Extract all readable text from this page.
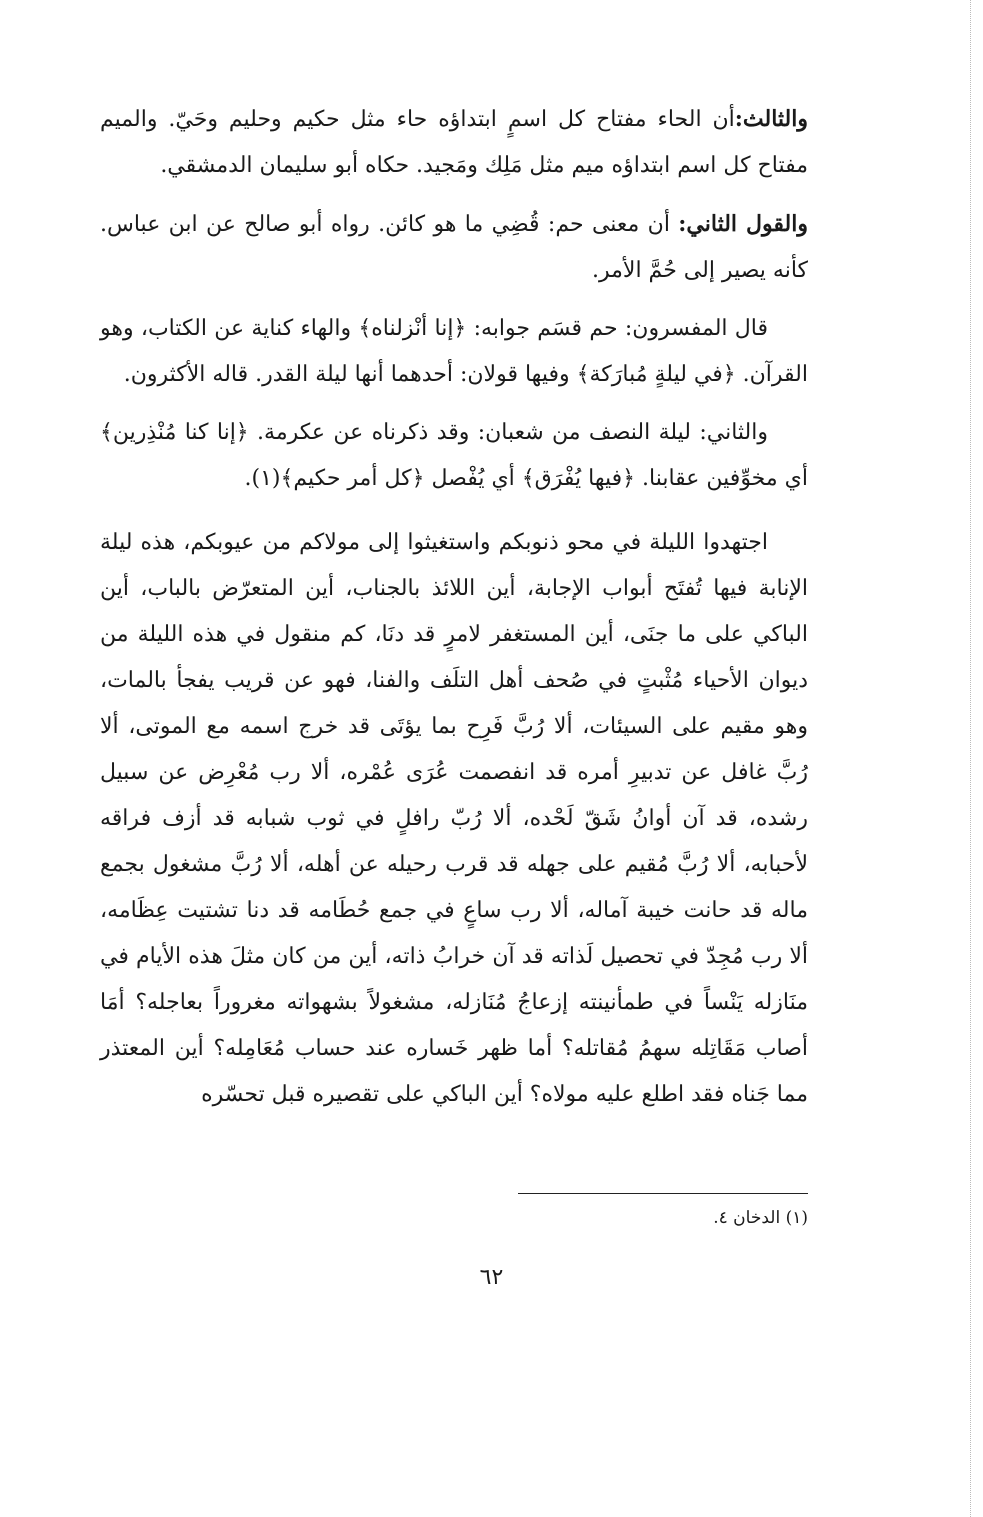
والثالث:أن الحاء مفتاح كل اسمٍ ابتداؤه حاء مثل حكيم وحليم وحَيّ. والميم مفتاح كل اسم ابتداؤه ميم مثل مَلِك ومَجيد. حكاه أبو سليمان الدمشقي.

والقول الثاني: أن معنى حم: قُضِي ما هو كائن. رواه أبو صالح عن ابن عباس. كأنه يصير إلى حُمَّ الأمر.

قال المفسرون: حم قسَم جوابه: ﴿إنا أنْزلناه﴾ والهاء كناية عن الكتاب، وهو القرآن. ﴿في ليلةٍ مُبارَكة﴾ وفيها قولان: أحدهما أنها ليلة القدر. قاله الأكثرون.

والثاني: ليلة النصف من شعبان: وقد ذكرناه عن عكرمة. ﴿إنا كنا مُنْذِرين﴾ أي مخوِّفين عقابنا. ﴿فيها يُفْرَق﴾ أي يُفْصل ﴿كل أمر حكيم﴾(١).

اجتهدوا الليلة في محو ذنوبكم واستغيثوا إلى مولاكم من عيوبكم، هذه ليلة الإنابة فيها تُفتَح أبواب الإجابة، أين اللائذ بالجناب، أين المتعرّض بالباب، أين الباكي على ما جنَى، أين المستغفر لامرٍ قد دنَا، كم منقول في هذه الليلة من ديوان الأحياء مُثْبتٍ في صُحف أهل التلَف والفنا، فهو عن قريب يفجأ بالمات، وهو مقيم على السيئات، ألا رُبَّ فَرِح بما يؤتَى قد خرج اسمه مع الموتى، ألا رُبَّ غافل عن تدبيرِ أمره قد انفصمت عُرَى عُمْره، ألا رب مُعْرِض عن سبيل رشده، قد آن أوانُ شَقّ لَحْده، ألا رُبّ رافلٍ في ثوب شبابه قد أزف فراقه لأحبابه، ألا رُبَّ مُقيم على جهله قد قرب رحيله عن أهله، ألا رُبَّ مشغول بجمع ماله قد حانت خيبة آماله، ألا رب ساعٍ في جمع حُطَامه قد دنا تشتيت عِظَامه، ألا رب مُجِدّ في تحصيل لَذاته قد آن خرابُ ذاته، أين من كان مثلَ هذه الأيام في منَازله يَنْساً في طمأنينته إزعاجُ مُنَازله، مشغولاً بشهواته مغروراً بعاجله؟ أمَا أصاب مَقَاتِله سهمُ مُقاتله؟ أما ظهر خَساره عند حساب مُعَامِله؟ أين المعتذر مما جَناه فقد اطلع عليه مولاه؟ أين الباكي على تقصيره قبل تحسّره

(١) الدخان ٤.
٦٢
